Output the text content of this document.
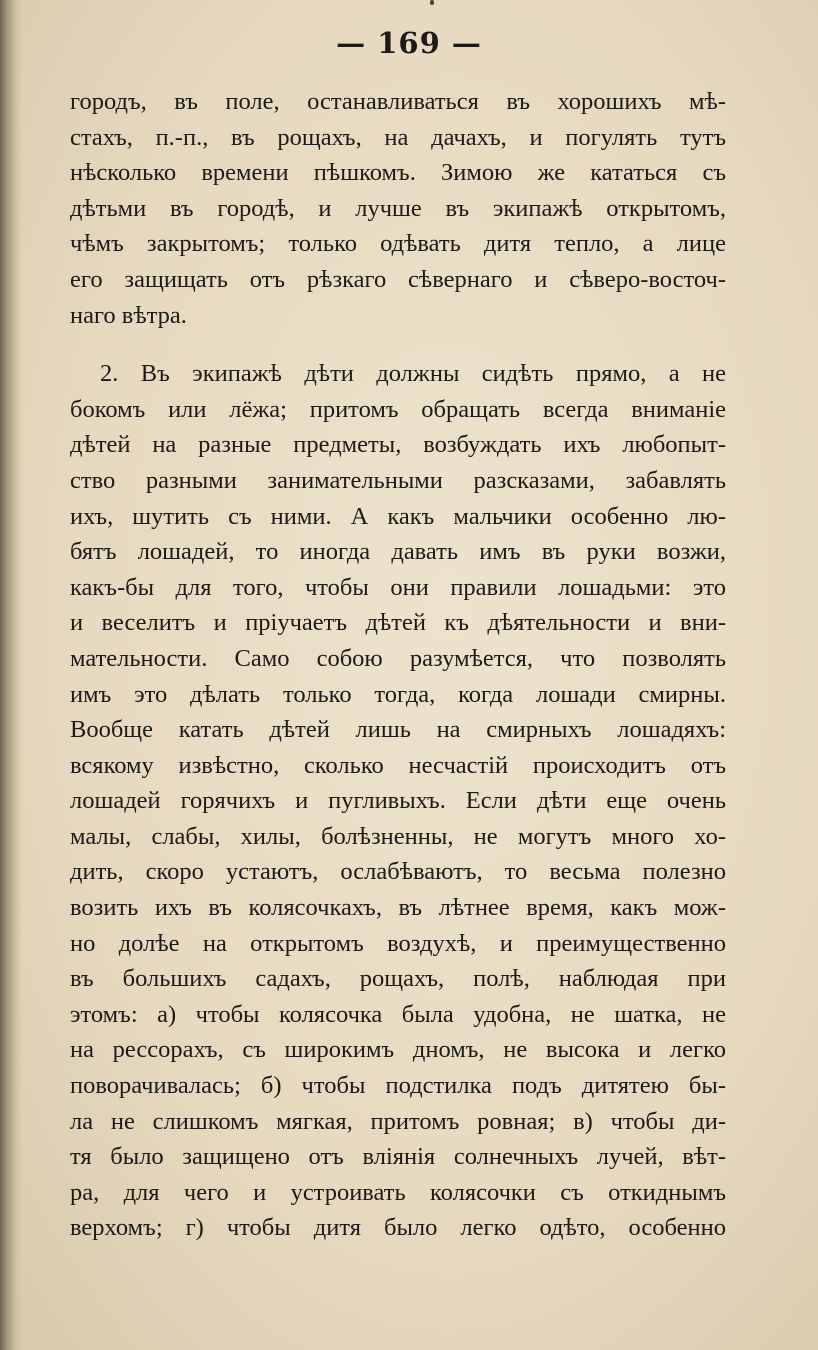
— 169 —
городъ, въ поле, останавливаться въ хорошихъ мѣ-
стахъ, п.-п., въ рощахъ, на дачахъ, и погулять тутъ
нѣсколько времени пѣшкомъ. Зимою же кататься съ
дѣтьми въ городѣ, и лучше въ экипажѣ открытомъ,
чѣмъ закрытомъ; только одѣвать дитя тепло, а лице
его защищать отъ рѣзкаго сѣвернаго и сѣверо-восточ-
наго вѣтра.
2. Въ экипажѣ дѣти должны сидѣть прямо, а не
бокомъ или лёжа; притомъ обращать всегда вниманіе
дѣтей на разные предметы, возбуждать ихъ любопыт-
ство разными занимательными разсказами, забавлять
ихъ, шутить съ ними. А какъ мальчики особенно лю-
бятъ лошадей, то иногда давать имъ въ руки возжи,
какъ-бы для того, чтобы они правили лошадьми: это
и веселитъ и пріучаетъ дѣтей къ дѣятельности и вни-
мательности. Само собою разумѣется, что позволять
имъ это дѣлать только тогда, когда лошади смирны.
Вообще катать дѣтей лишь на смирныхъ лошадяхъ:
всякому извѣстно, сколько несчастій происходитъ отъ
лошадей горячихъ и пугливыхъ. Если дѣти еще очень
малы, слабы, хилы, болѣзненны, не могутъ много хо-
дить, скоро устаютъ, ослабѣваютъ, то весьма полезно
возить ихъ въ колясочкахъ, въ лѣтнее время, какъ мож-
но долѣе на открытомъ воздухѣ, и преимущественно
въ большихъ садахъ, рощахъ, полѣ, наблюдая при
этомъ: а) чтобы колясочка была удобна, не шатка, не
на рессорахъ, съ широкимъ дномъ, не высока и легко
поворачивалась; б) чтобы подстилка подъ дитятею бы-
ла не слишкомъ мягкая, притомъ ровная; в) чтобы ди-
тя было защищено отъ вліянія солнечныхъ лучей, вѣт-
ра, для чего и устроивать колясочки съ откиднымъ
верхомъ; г) чтобы дитя было легко одѣто, особенно
